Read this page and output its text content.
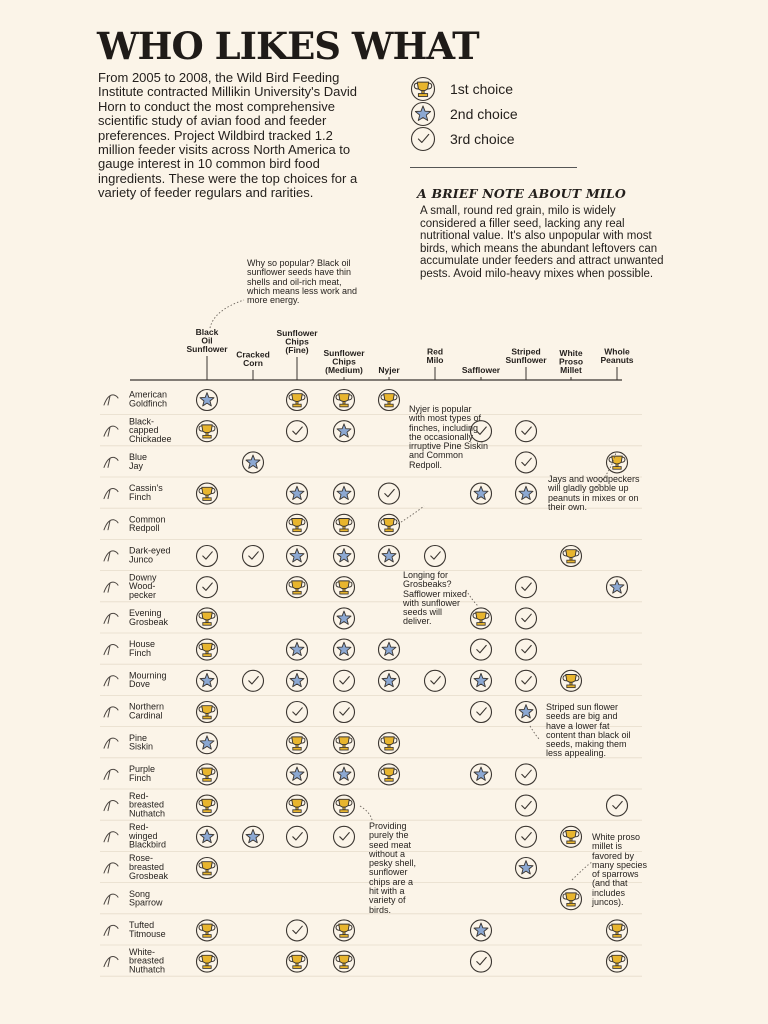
WHO LIKES WHAT

From 2005 to 2008, the Wild Bird Feeding Institute contracted Millikin University's David Horn to conduct the most comprehensive scientific study of avian food and feeder preferences. Project Wildbird tracked 1.2 million feeder visits across North America to gauge interest in 10 common bird food ingredients. These were the top choices for a variety of feeder regulars and rarities.

1st choice
2nd choice
3rd choice
A BRIEF NOTE ABOUT MILO

A small, round red grain, milo is widely considered a filler seed, lacking any real nutritional value. It's also unpopular with most birds, which means the abundant leftovers can accumulate under feeders and attract unwanted pests. Avoid milo-heavy mixes when possible.

Black
Oil
Sunflower
Cracked
Corn
Sunflower
Chips
(Fine) Sunflower
Chips
(Medium) Nyjer
Red
Milo
Safflower
Striped
Sunflower
White
Proso
Millet
Whole
Peanuts
American
Goldfinch
Black-
capped
Chickadee
Blue
Jay
Cassin's
Finch
Common
Redpoll
Dark-eyed
Junco
Downy
Wood-
pecker
Evening
Grosbeak
House
Finch
Mourning
Dove
Northern
Cardinal
Pine
Siskin
Purple
Finch
Red-
breasted
Nuthatch
Red-
winged
Blackbird
Rose-
breasted
Grosbeak
Song
Sparrow
Tufted
Titmouse
White-
breasted
Nuthatch

Why so popular? Black oil sunflower seeds have thin shells and oil-rich meat, which means less work and more energy.

Nyjer is popular with most types of finches, including the occasionally irruptive Pine Siskin and Common Redpoll.

Jays and woodpeckers will gladly gobble up peanuts in mixes or on their own.

Longing for Grosbeaks? Safflower mixed with sunflower seeds will deliver.

Striped sun flower seeds are big and have a lower fat content than black oil seeds, making them less appealing.

Providing purely the seed meat without a pesky shell, sunflower chips are a hit with a variety of birds.

White proso millet is favored by many species of sparrows (and that includes juncos).
